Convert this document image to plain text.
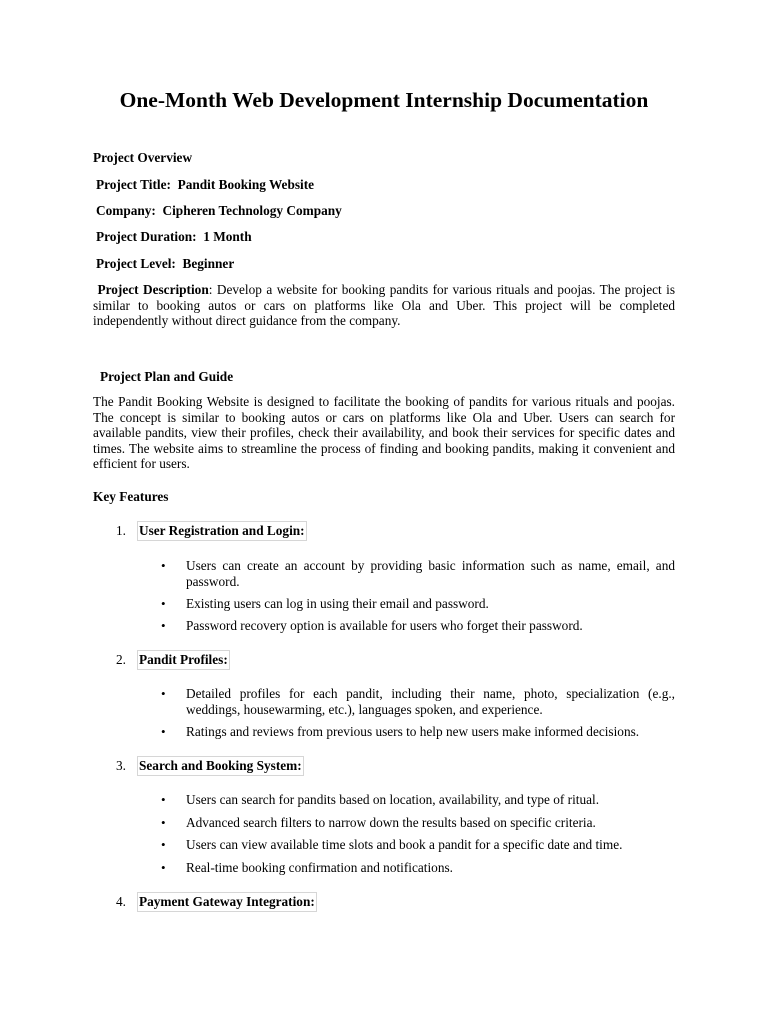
One-Month Web Development Internship Documentation
Project Overview
Project Title: Pandit Booking Website
Company: Cipheren Technology Company
Project Duration: 1 Month
Project Level: Beginner
Project Description: Develop a website for booking pandits for various rituals and poojas. The project is similar to booking autos or cars on platforms like Ola and Uber. This project will be completed independently without direct guidance from the company.
Project Plan and Guide
The Pandit Booking Website is designed to facilitate the booking of pandits for various rituals and poojas. The concept is similar to booking autos or cars on platforms like Ola and Uber. Users can search for available pandits, view their profiles, check their availability, and book their services for specific dates and times. The website aims to streamline the process of finding and booking pandits, making it convenient and efficient for users.
Key Features
1. User Registration and Login:
• Users can create an account by providing basic information such as name, email, and password.
• Existing users can log in using their email and password.
• Password recovery option is available for users who forget their password.
2. Pandit Profiles:
• Detailed profiles for each pandit, including their name, photo, specialization (e.g., weddings, housewarming, etc.), languages spoken, and experience.
• Ratings and reviews from previous users to help new users make informed decisions.
3. Search and Booking System:
• Users can search for pandits based on location, availability, and type of ritual.
• Advanced search filters to narrow down the results based on specific criteria.
• Users can view available time slots and book a pandit for a specific date and time.
• Real-time booking confirmation and notifications.
4. Payment Gateway Integration:
